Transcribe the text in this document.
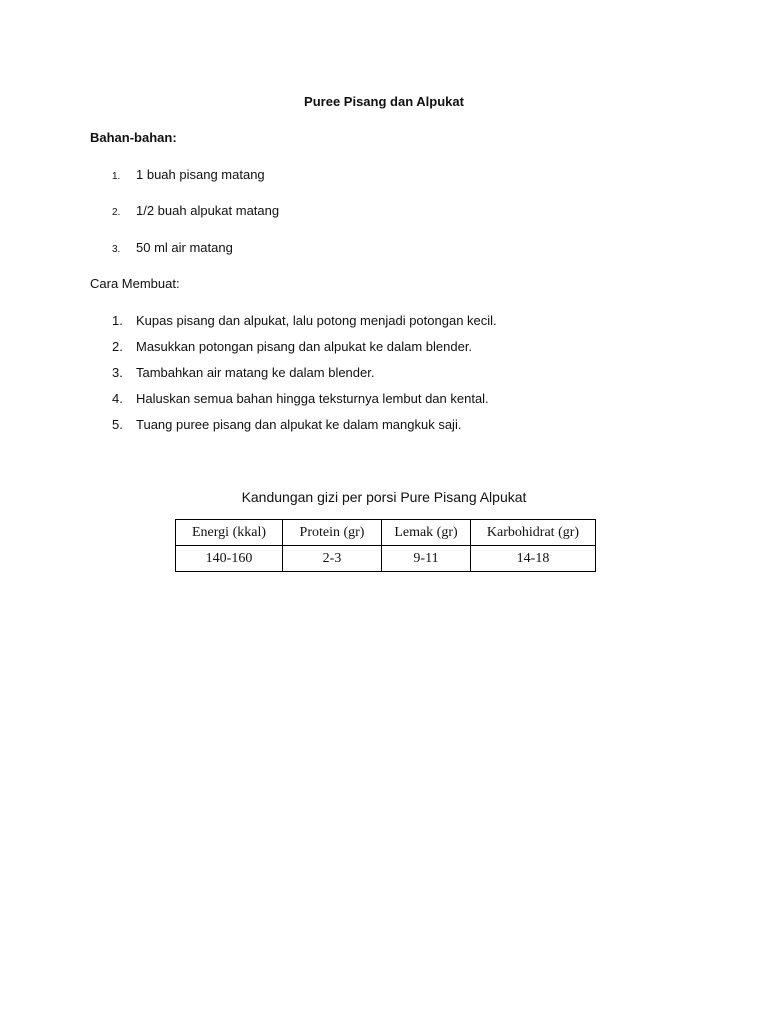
Puree Pisang dan Alpukat
Bahan-bahan:
1. 1 buah pisang matang
2. 1/2 buah alpukat matang
3. 50 ml air matang
Cara Membuat:
1. Kupas pisang dan alpukat, lalu potong menjadi potongan kecil.
2. Masukkan potongan pisang dan alpukat ke dalam blender.
3. Tambahkan air matang ke dalam blender.
4. Haluskan semua bahan hingga teksturnya lembut dan kental.
5. Tuang puree pisang dan alpukat ke dalam mangkuk saji.
Kandungan gizi per porsi Pure Pisang Alpukat
Energi (kkal)	Protein (gr)	Lemak (gr)	Karbohidrat (gr)
140-160	2-3	9-11	14-18
